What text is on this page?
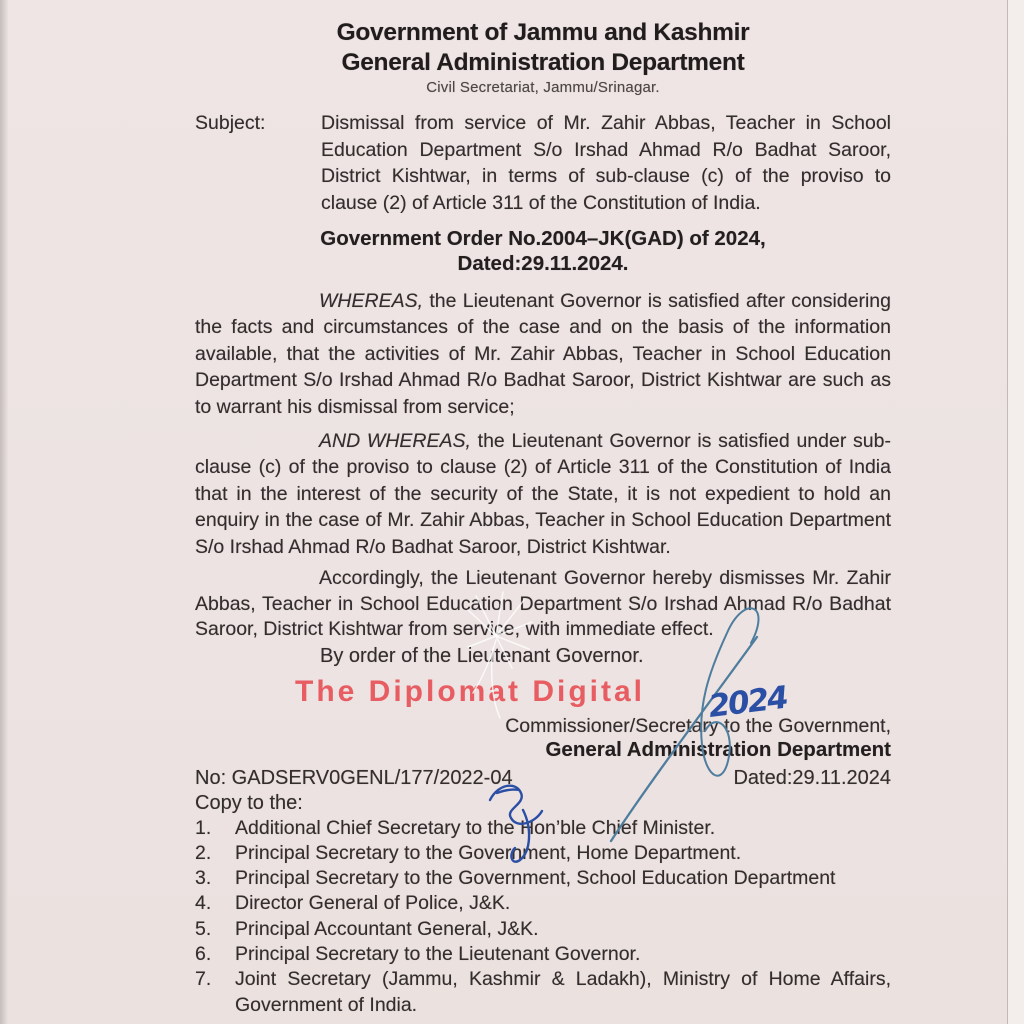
Government of Jammu and Kashmir
General Administration Department
Civil Secretariat, Jammu/Srinagar.
Subject:	Dismissal from service of Mr. Zahir Abbas, Teacher in School Education Department S/o Irshad Ahmad R/o Badhat Saroor, District Kishtwar, in terms of sub-clause (c) of the proviso to clause (2) of Article 311 of the Constitution of India.
Government Order No.2004–JK(GAD) of 2024,
Dated:29.11.2024.

WHEREAS, the Lieutenant Governor is satisfied after considering the facts and circumstances of the case and on the basis of the information available, that the activities of Mr. Zahir Abbas, Teacher in School Education Department S/o Irshad Ahmad R/o Badhat Saroor, District Kishtwar are such as to warrant his dismissal from service;

AND WHEREAS, the Lieutenant Governor is satisfied under sub-clause (c) of the proviso to clause (2) of Article 311 of the Constitution of India that in the interest of the security of the State, it is not expedient to hold an enquiry in the case of Mr. Zahir Abbas, Teacher in School Education Department S/o Irshad Ahmad R/o Badhat Saroor, District Kishtwar.

Accordingly, the Lieutenant Governor hereby dismisses Mr. Zahir Abbas, Teacher in School Education Department S/o Irshad Ahmad R/o Badhat Saroor, District Kishtwar from service, with immediate effect.

By order of the Lieutenant Governor.
The Diplomat Digital
Commissioner/Secretary to the Government,
General Administration Department
No: GADSERV0GENL/177/2022-04	Dated:29.11.2024
Copy to the:
1.	Additional Chief Secretary to the Hon’ble Chief Minister.
2.	Principal Secretary to the Government, Home Department.
3.	Principal Secretary to the Government, School Education Department
4.	Director General of Police, J&K.
5.	Principal Accountant General, J&K.
6.	Principal Secretary to the Lieutenant Governor.
7.	Joint Secretary (Jammu, Kashmir & Ladakh), Ministry of Home Affairs, Government of India.
2024
